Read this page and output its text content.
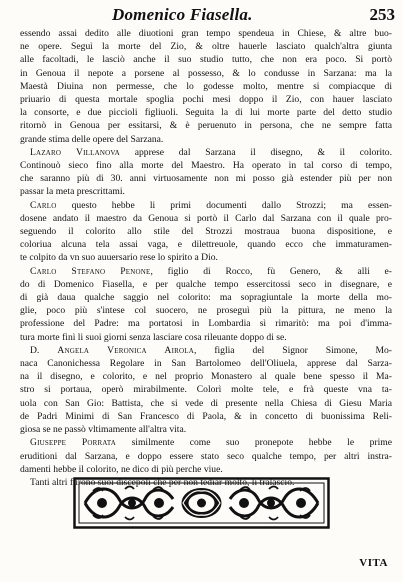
Domenico Fiasella.	253
essendo assai dedito alle diuotioni gran tempo spendeua in Chiese, & altre buo-
ne opere. Seguì la morte del Zio, & oltre hauerle lasciato qualch'altra giunta
alle facoltadi, le lasciò anche il suo studio tutto, che non era poco. Si portò
in Genoua il nepote a porsene al possesso, & lo condusse in Sarzana: ma la
Maestà Diuina non permesse, che lo godesse molto, mentre si compiacque di
priuario di questa mortale spoglia pochi mesi doppo il Zio, con hauer lasciato
la consorte, e due piccioli figliuoli. Seguita la di lui morte parte del detto studio
ritornò in Genoua per essitarsi, & è peruenuto in persona, che ne sempre fatta
grande stima delle opere del Sarzana.
Lazaro Villanova apprese dal Sarzana il disegno, & il colorito.
Continouò sieco fino alla morte del Maestro. Ha operato in tal corso di tempo,
che saranno più di 30. anni virtuosamente non mi posso già estender più per non
passar la meta prescrittami.
Carlo questo hebbe li primi documenti dallo Strozzi; ma essen-
dosene andato il maestro da Genoua si portò il Carlo dal Sarzana con il quale pro-
seguendo il colorito allo stile del Strozzi mostraua buona dispositione, e
coloriua alcuna tela assai vaga, e dilettreuole, quando ecco che immaturamen-
te colpito da vn suo auuersario rese lo spirito a Dio.
Carlo Stefano Penone, figlio di Rocco, fù Genero, & alli e-
do di Domenico Fiasella, e per qualche tempo essercitossi seco in disegnare, e
di già daua qualche saggio nel colorito: ma sopragiuntale la morte della mo-
glie, poco più s'intese col suocero, ne proseguì più la pittura, ne meno la
professione del Padre: ma portatosi in Lombardia sì rimaritò: ma poi d'imma-
tura morte finì li suoi giorni senza lasciare cosa rileuante doppo di se.
D. Angela Veronica Airola, figlia del Signor Simone, Mo-
naca Canonichessa Regolare in San Bartolomeo dell'Oliuela, apprese dal Sarza-
na il disegno, e colorito, e nel proprio Monastero al quale bene spesso il Ma-
stro si portaua, operò mirabilmente. Colorì molte tele, e frà queste vna ta-
uola con San Gio: Battista, che si vede di presente nella Chiesa di Giesu Maria
de Padri Minimi di San Francesco di Paola, & in concetto di buonissima Reli-
giosa se ne passò vltimamente all'altra vita.
Giuseppe Porrata similmente come suo pronepote hebbe le prime
eruditioni dal Sarzana, e doppo essere stato seco qualche tempo, per altri instra-
damenti hebbe il colorito, ne dico di più perche viue.
Tanti altri furono suoi discepoli che per non tediar molto, li tralascio.
VITA
